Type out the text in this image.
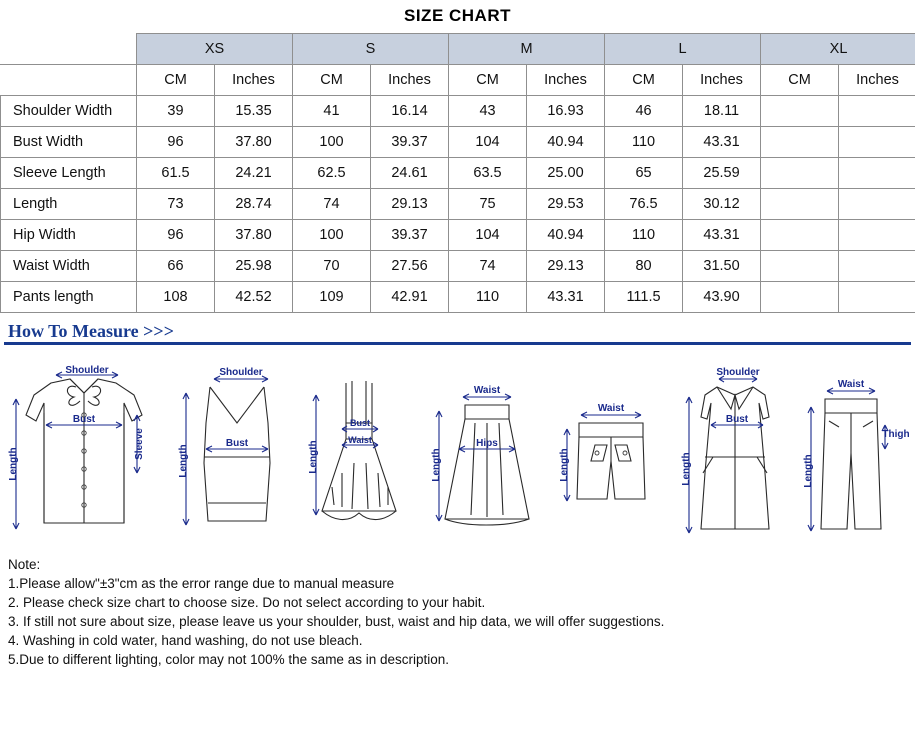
SIZE CHART
	XS		S		M		L		XL	
	CM	Inches	CM	Inches	CM	Inches	CM	Inches	CM	Inches
Shoulder Width	39	15.35	41	16.14	43	16.93	46	18.11		
Bust Width	96	37.80	100	39.37	104	40.94	110	43.31		
Sleeve Length	61.5	24.21	62.5	24.61	63.5	25.00	65	25.59		
Length	73	28.74	74	29.13	75	29.53	76.5	30.12		
Hip Width	96	37.80	100	39.37	104	40.94	110	43.31		
Waist Width	66	25.98	70	27.56	74	29.13	80	31.50		
Pants length	108	42.52	109	42.91	110	43.31	111.5	43.90		
How To Measure >>>
Shoulder
Bust
Length
Sleeve
Shoulder
Bust
Length
Bust
Waist
Length
Waist
Hips
Length
Waist
Length
Shoulder
Bust
Length
Waist
Thigh
Length
Note:
1.Please allow"±3"cm as the error range due to manual measure
2. Please check size chart to choose size. Do not select according to your habit.
3. If still not sure about size, please leave us your shoulder, bust, waist and hip data, we will offer suggestions.
4. Washing in cold water, hand washing, do not use bleach.
5.Due to different lighting, color may not 100% the same as in description.
